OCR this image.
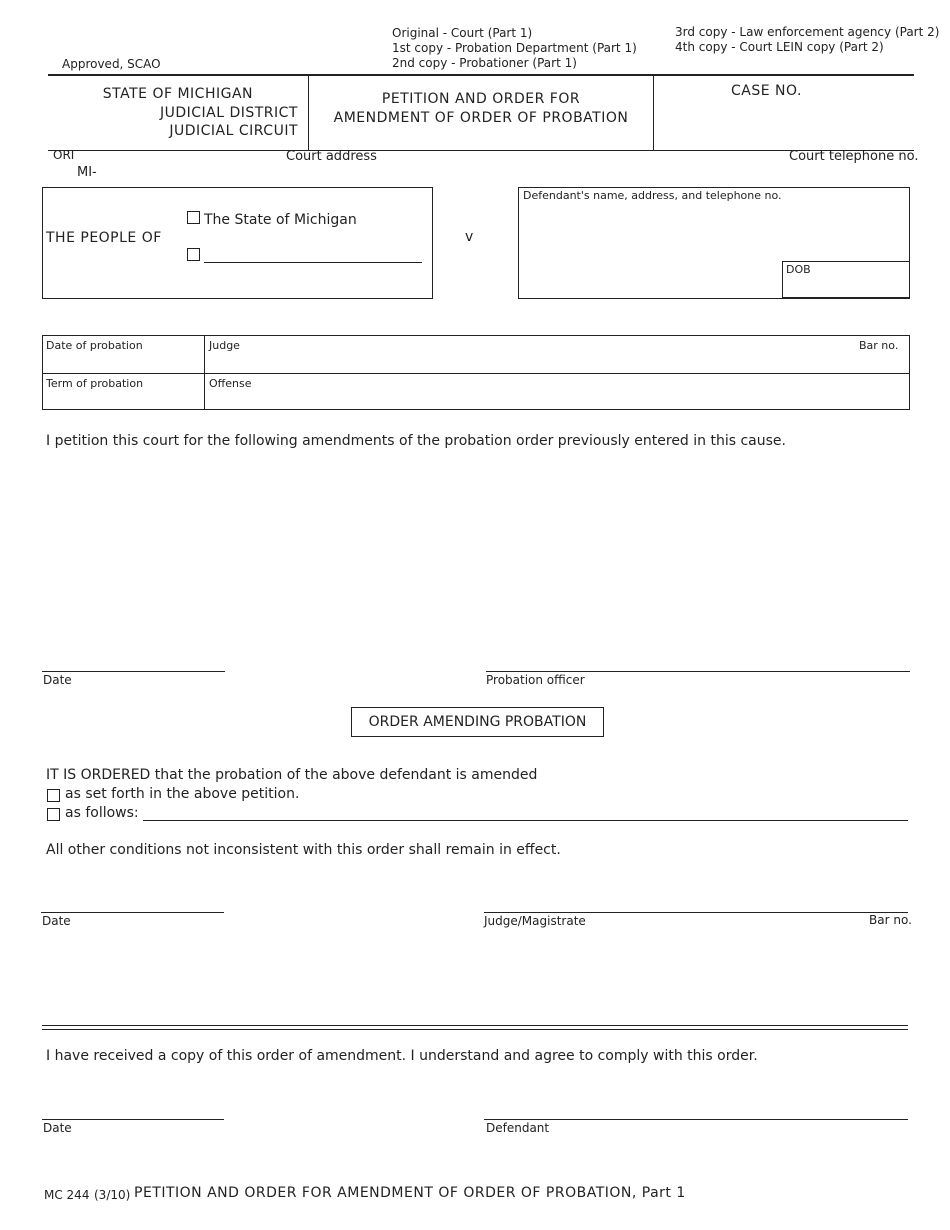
Approved, SCAO
Original - Court (Part 1)
1st copy - Probation Department (Part 1)
2nd copy - Probationer (Part 1)
3rd copy - Law enforcement agency (Part 2)
4th copy - Court LEIN copy (Part 2)
STATE OF MICHIGAN
JUDICIAL DISTRICT
JUDICIAL CIRCUIT
PETITION AND ORDER FOR
AMENDMENT OF ORDER OF PROBATION
CASE NO.
ORI
MI-
Court address	Court telephone no.
THE PEOPLE OF
The State of Michigan
v
Defendant's name, address, and telephone no.
DOB
Date of probation	Judge	Bar no.
Term of probation	Offense
I petition this court for the following amendments of the probation order previously entered in this cause.
Date	Probation officer
ORDER AMENDING PROBATION
IT IS ORDERED that the probation of the above defendant is amended
as set forth in the above petition.
as follows:
All other conditions not inconsistent with this order shall remain in effect.
Date	Judge/Magistrate	Bar no.
I have received a copy of this order of amendment. I understand and agree to comply with this order.
Date	Defendant
MC 244 (3/10) PETITION AND ORDER FOR AMENDMENT OF ORDER OF PROBATION, Part 1
